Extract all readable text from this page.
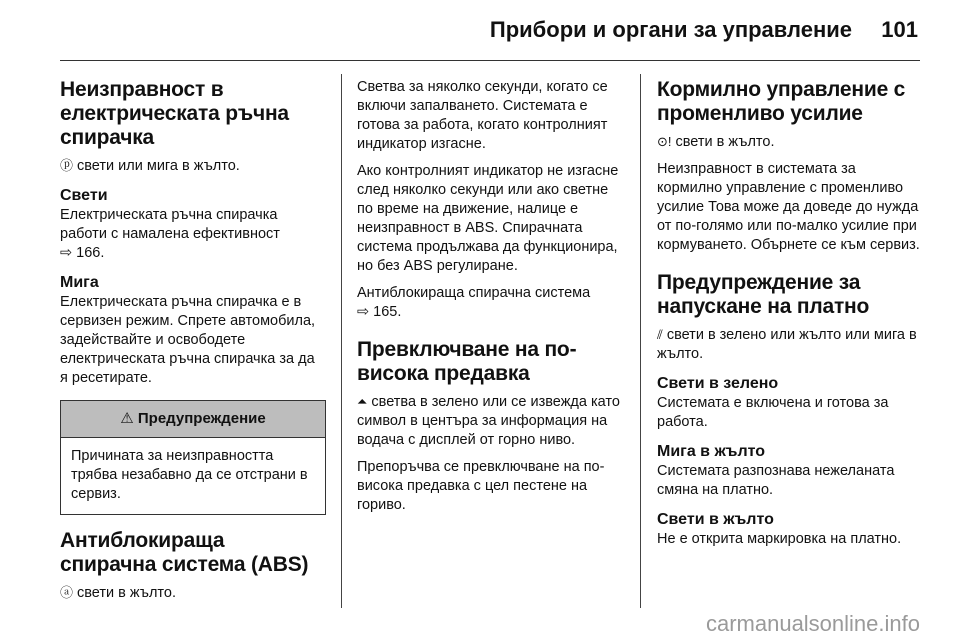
Прибори и органи за управление 101
Неизправност в електрическата ръчна спирачка

ⓟ свети или мига в жълто.

Свети

Електрическата ръчна спирачка работи с намалена ефективност
⇨ 166.

Мига

Електрическата ръчна спирачка е в сервизен режим. Спрете автомобила, задействайте и освободете електрическата ръчна спирачка за да я ресетирате.

⚠ Предупреждение
Причината за неизправността трябва незабавно да се отстрани в сервиз.
Антиблокираща спирачна система (ABS)

ⓐ свети в жълто.

Светва за няколко секунди, когато се включи запалването. Системата е готова за работа, когато контролният индикатор изгасне.

Ако контролният индикатор не изгасне след няколко секунди или ако светне по време на движение, налице е неизправност в ABS. Спирачната система продължава да функционира, но без ABS регулиране.

Антиблокираща спирачна система
⇨ 165.

Превключване на по-висока предавка

⏶ светва в зелено или се извежда като символ в центъра за информация на водача с дисплей от горно ниво.

Препоръчва се превключване на по-висока предавка с цел пестене на гориво.

Кормилно управление с променливо усилие

⊙! свети в жълто.

Неизправност в системата за кормилно управление с променливо усилие Това може да доведе до нужда от по-голямо или по-малко усилие при кормуването. Обърнете се към сервиз.

Предупреждение за напускане на платно

⫽ свети в зелено или жълто или мига в жълто.

Свети в зелено

Системата е включена и готова за работа.

Мига в жълто

Системата разпознава нежеланата смяна на платно.

Свети в жълто

Не е открита маркировка на платно.

carmanualsonline.info
